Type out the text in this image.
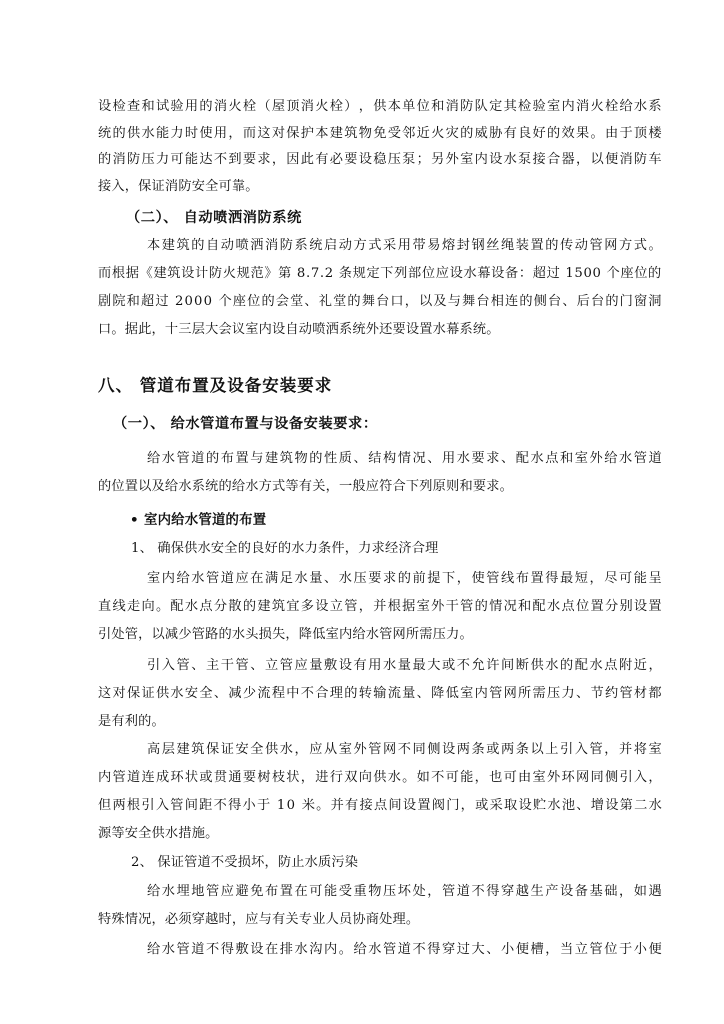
设 检 查 和 试 验 用 的 消 火 栓 （ 屋 顶 消 火 栓 ） ， 供 本 单 位 和 消 防 队 定 其 检 验 室 内 消 火 栓 给 水 系
统 的 供 水 能 力 时 使 用 ， 而 这 对 保 护 本 建 筑 物 免 受 邻 近 火 灾 的 威 胁 有 良 好 的 效 果 。 由 于 顶 楼
的 消 防 压 力 可 能 达 不 到 要 求 ， 因 此 有 必 要 设 稳 压 泵 ； 另 外 室 内 设 水 泵 接 合 器 ， 以 便 消 防 车
接入，保证消防安全可靠。
（二）、 自动喷洒消防系统
本 建 筑 的 自 动 喷 洒 消 防 系 统 启 动 方 式 采 用 带 易 熔 封 钢 丝 绳 装 置 的 传 动 管 网 方 式 。
而 根 据 《 建 筑 设 计 防 火 规 范 》 第
8 . 7 . 2
条 规 定 下 列 部 位 应 设 水 幕 设 备 ： 超 过
1 5 0 0
个 座 位 的
剧 院 和 超 过
2 0 0 0
个 座 位 的 会 堂 、 礼 堂 的 舞 台 口 ， 以 及 与 舞 台 相 连 的 侧 台 、 后 台 的 门 窗 洞
口。据此，十三层大会议室内设自动喷洒系统外还要设置水幕系统。
八、 管道布置及设备安装要求
（一）、 给水管道布置与设备安装要求：
给 水 管 道 的 布 置 与 建 筑 物 的 性 质 、 结 构 情 况 、 用 水 要 求 、 配 水 点 和 室 外 给 水 管 道
的位置以及给水系统的给水方式等有关，一般应符合下列原则和要求。
• 室内给水管道的布置
1、 确保供水安全的良好的水力条件，力求经济合理
室 内 给 水 管 道 应 在 满 足 水 量 、 水 压 要 求 的 前 提 下 ， 使 管 线 布 置 得 最 短 ， 尽 可 能 呈
直 线 走 向 。 配 水 点 分 散 的 建 筑 宜 多 设 立 管 ， 并 根 据 室 外 干 管 的 情 况 和 配 水 点 位 置 分 别 设 置
引处管，以减少管路的水头损失，降低室内给水管网所需压力。
引 入 管 、 主 干 管 、 立 管 应 量 敷 设 有 用 水 量 最 大 或 不 允 许 间 断 供 水 的 配 水 点 附 近 ，
这 对 保 证 供 水 安 全 、 减 少 流 程 中 不 合 理 的 转 输 流 量 、 降 低 室 内 管 网 所 需 压 力 、 节 约 管 材 都
是有利的。
高 层 建 筑 保 证 安 全 供 水 ， 应 从 室 外 管 网 不 同 侧 设 两 条 或 两 条 以 上 引 入 管 ， 并 将 室
内 管 道 连 成 环 状 或 贯 通 要 树 枝 状 ， 进 行 双 向 供 水 。 如 不 可 能 ， 也 可 由 室 外 环 网 同 侧 引 入 ，
但 两 根 引 入 管 间 距 不 得 小 于
1 0
米 。 并 有 接 点 间 设 置 阀 门 ， 或 采 取 设 贮 水 池 、 增 设 第 二 水
源等安全供水措施。
2、 保证管道不受损坏，防止水质污染
给 水 埋 地 管 应 避 免 布 置 在 可 能 受 重 物 压 坏 处 ， 管 道 不 得 穿 越 生 产 设 备 基 础 ， 如 遇
特殊情况，必须穿越时，应与有关专业人员协商处理。
给 水 管 道 不 得 敷 设 在 排 水 沟 内 。 给 水 管 道 不 得 穿 过 大 、 小 便 槽 ， 当 立 管 位 于 小 便
